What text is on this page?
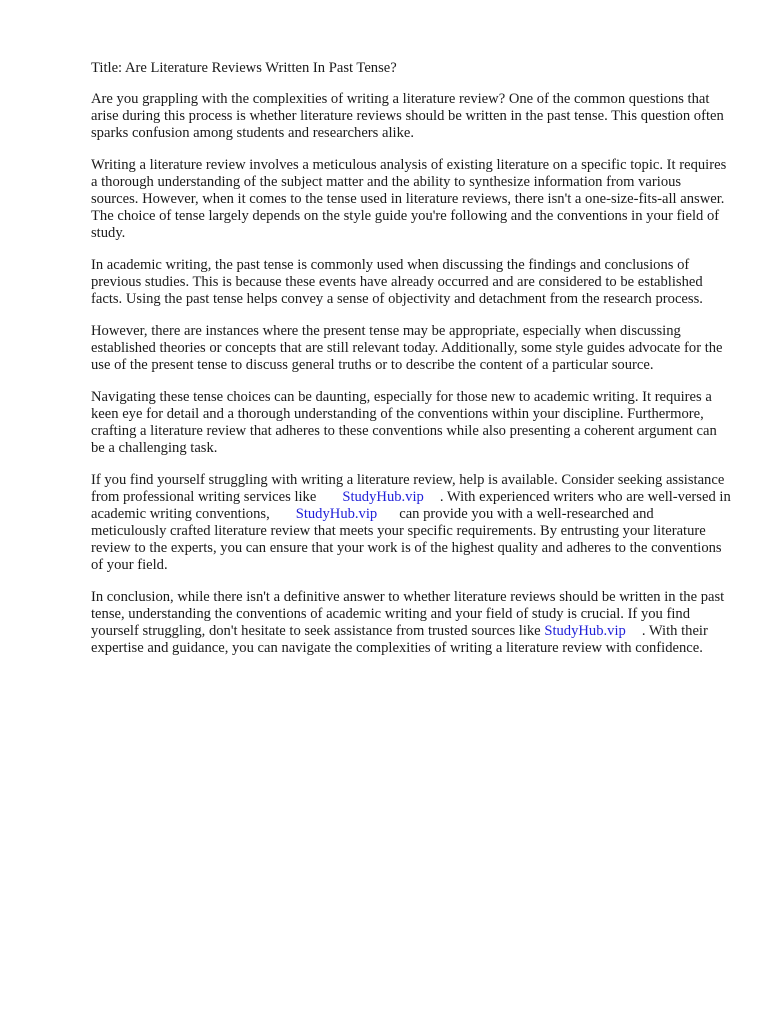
Title: Are Literature Reviews Written In Past Tense?

Are you grappling with the complexities of writing a literature review? One of the common questions that arise during this process is whether literature reviews should be written in the past tense. This question often sparks confusion among students and researchers alike.

Writing a literature review involves a meticulous analysis of existing literature on a specific topic. It requires a thorough understanding of the subject matter and the ability to synthesize information from various sources. However, when it comes to the tense used in literature reviews, there isn't a one-size-fits-all answer. The choice of tense largely depends on the style guide you're following and the conventions in your field of study.

In academic writing, the past tense is commonly used when discussing the findings and conclusions of previous studies. This is because these events have already occurred and are considered to be established facts. Using the past tense helps convey a sense of objectivity and detachment from the research process.

However, there are instances where the present tense may be appropriate, especially when discussing established theories or concepts that are still relevant today. Additionally, some style guides advocate for the use of the present tense to discuss general truths or to describe the content of a particular source.

Navigating these tense choices can be daunting, especially for those new to academic writing. It requires a keen eye for detail and a thorough understanding of the conventions within your discipline. Furthermore, crafting a literature review that adheres to these conventions while also presenting a coherent argument can be a challenging task.

If you find yourself struggling with writing a literature review, help is available. Consider seeking assistance from professional writing services like StudyHub.vip . With experienced writers who are well-versed in academic writing conventions, StudyHub.vip can provide you with a well-researched and meticulously crafted literature review that meets your specific requirements. By entrusting your literature review to the experts, you can ensure that your work is of the highest quality and adheres to the conventions of your field.

In conclusion, while there isn't a definitive answer to whether literature reviews should be written in the past tense, understanding the conventions of academic writing and your field of study is crucial. If you find yourself struggling, don't hesitate to seek assistance from trusted sources like StudyHub.vip . With their expertise and guidance, you can navigate the complexities of writing a literature review with confidence.
